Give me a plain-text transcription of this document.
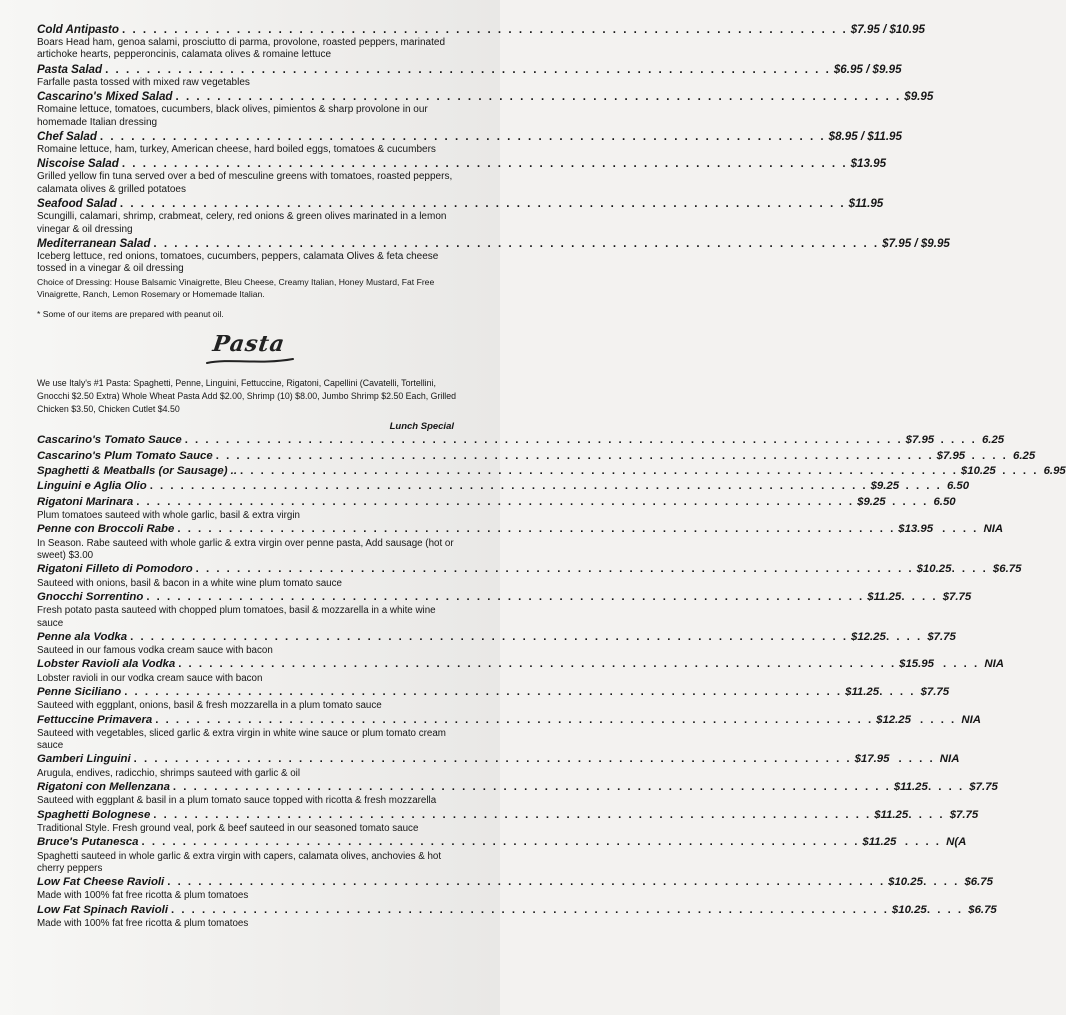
Cold Antipasto . . . . . . . . . . . . . . . . . . . . . . . . . . . . . . . . . . . . . . . . . . . . . . . . . . . . . . . . . . . . . . . . . . . . . . $7.95 / $10.95

Boars Head ham, genoa salami, prosciutto di parma, provolone, roasted peppers, marinated artichoke hearts, pepperoncinis, calamata olives & romaine lettuce

Pasta Salad . . . . . . . . . . . . . . . . . . . . . . . . . . . . . . . . . . . . . . . . . . . . . . . . . . . . . . . . . . . . . . . . . . . . . . $6.95 / $9.95

Farfalle pasta tossed with mixed raw vegetables

Cascarino's Mixed Salad . . . . . . . . . . . . . . . . . . . . . . . . . . . . . . . . . . . . . . . . . . . . . . . . . . . . . . . . . . . . . . . . . . . . . . $9.95

Romaine lettuce, tomatoes, cucumbers, black olives, pimientos & sharp provolone in our homemade Italian dressing

Chef Salad . . . . . . . . . . . . . . . . . . . . . . . . . . . . . . . . . . . . . . . . . . . . . . . . . . . . . . . . . . . . . . . . . . . . . . $8.95 / $11.95

Romaine lettuce, ham, turkey, American cheese, hard boiled eggs, tomatoes & cucumbers

Niscoise Salad . . . . . . . . . . . . . . . . . . . . . . . . . . . . . . . . . . . . . . . . . . . . . . . . . . . . . . . . . . . . . . . . . . . . . . $13.95

Grilled yellow fin tuna served over a bed of mesculine greens with tomatoes, roasted peppers, calamata olives & grilled potatoes

Seafood Salad . . . . . . . . . . . . . . . . . . . . . . . . . . . . . . . . . . . . . . . . . . . . . . . . . . . . . . . . . . . . . . . . . . . . . . $11.95

Scungilli, calamari, shrimp, crabmeat, celery, red onions & green olives marinated in a lemon vinegar & oil dressing

Mediterranean Salad . . . . . . . . . . . . . . . . . . . . . . . . . . . . . . . . . . . . . . . . . . . . . . . . . . . . . . . . . . . . . . . . . . . . . . $7.95 / $9.95

Iceberg lettuce, red onions, tomatoes, cucumbers, peppers, calamata Olives & feta cheese tossed in a vinegar & oil dressing

Choice of Dressing: House Balsamic Vinaigrette, Bleu Cheese, Creamy Italian, Honey Mustard, Fat Free Vinaigrette, Ranch, Lemon Rosemary or Homemade Italian.
* Some of our items are prepared with peanut oil.
Pasta
We use Italy's #1 Pasta: Spaghetti, Penne, Linguini, Fettuccine, Rigatoni, Capellini (Cavatelli, Tortellini, Gnocchi $2.50 Extra) Whole Wheat Pasta Add $2.00, Shrimp (10) $8.00, Jumbo Shrimp $2.50 Each, Grilled Chicken $3.50, Chicken Cutlet $4.50
Lunch Special
Cascarino's Tomato Sauce . . . . . . . . . . . . . . . . . . . . . . . . . . . . . . . . . . . . . . . . . . . . . . . . . . . . . . . . . . . . . . . . . . . . . . $7.95 . . . . 6.25
Cascarino's Plum Tomato Sauce . . . . . . . . . . . . . . . . . . . . . . . . . . . . . . . . . . . . . . . . . . . . . . . . . . . . . . . . . . . . . . . . . . . . . . $7.95 . . . . 6.25
Spaghetti & Meatballs (or Sausage) .. . . . . . . . . . . . . . . . . . . . . . . . . . . . . . . . . . . . . . . . . . . . . . . . . . . . . . . . . . . . . . . . . . . . . . . $10.25 . . . . 6.95
Linguini e Aglia Olio . . . . . . . . . . . . . . . . . . . . . . . . . . . . . . . . . . . . . . . . . . . . . . . . . . . . . . . . . . . . . . . . . . . . . . $9.25 . . . . 6.50
Rigatoni Marinara . . . . . . . . . . . . . . . . . . . . . . . . . . . . . . . . . . . . . . . . . . . . . . . . . . . . . . . . . . . . . . . . . . . . . . $9.25 . . . . 6.50

Plum tomatoes sauteed with whole garlic, basil & extra virgin

Penne con Broccoli Rabe . . . . . . . . . . . . . . . . . . . . . . . . . . . . . . . . . . . . . . . . . . . . . . . . . . . . . . . . . . . . . . . . . . . . . . $13.95 . . . . NIA

In Season. Rabe sauteed with whole garlic & extra virgin over penne pasta, Add sausage (hot or sweet) $3.00

Rigatoni Filleto di Pomodoro . . . . . . . . . . . . . . . . . . . . . . . . . . . . . . . . . . . . . . . . . . . . . . . . . . . . . . . . . . . . . . . . . . . . . . $10.25 . . . . $6.75

Sauteed with onions, basil & bacon in a white wine plum tomato sauce

Gnocchi Sorrentino . . . . . . . . . . . . . . . . . . . . . . . . . . . . . . . . . . . . . . . . . . . . . . . . . . . . . . . . . . . . . . . . . . . . . . $11.25 . . . . $7.75

Fresh potato pasta sauteed with chopped plum tomatoes, basil & mozzarella in a white wine sauce

Penne ala Vodka . . . . . . . . . . . . . . . . . . . . . . . . . . . . . . . . . . . . . . . . . . . . . . . . . . . . . . . . . . . . . . . . . . . . . . $12.25 . . . . $7.75

Sauteed in our famous vodka cream sauce with bacon

Lobster Ravioli ala Vodka . . . . . . . . . . . . . . . . . . . . . . . . . . . . . . . . . . . . . . . . . . . . . . . . . . . . . . . . . . . . . . . . . . . . . . $15.95 . . . . NIA

Lobster ravioli in our vodka cream sauce with bacon

Penne Siciliano . . . . . . . . . . . . . . . . . . . . . . . . . . . . . . . . . . . . . . . . . . . . . . . . . . . . . . . . . . . . . . . . . . . . . . $11.25 . . . . $7.75

Sauteed with eggplant, onions, basil & fresh mozzarella in a plum tomato sauce

Fettuccine Primavera . . . . . . . . . . . . . . . . . . . . . . . . . . . . . . . . . . . . . . . . . . . . . . . . . . . . . . . . . . . . . . . . . . . . . . $12.25 . . . . NIA

Sauteed with vegetables, sliced garlic & extra virgin in white wine sauce or plum tomato cream sauce

Gamberi Linguini . . . . . . . . . . . . . . . . . . . . . . . . . . . . . . . . . . . . . . . . . . . . . . . . . . . . . . . . . . . . . . . . . . . . . . $17.95 . . . . NIA

Arugula, endives, radicchio, shrimps sauteed with garlic & oil

Rigatoni con Mellenzana . . . . . . . . . . . . . . . . . . . . . . . . . . . . . . . . . . . . . . . . . . . . . . . . . . . . . . . . . . . . . . . . . . . . . . $11.25 . . . . $7.75

Sauteed with eggplant & basil in a plum tomato sauce topped with ricotta & fresh mozzarella

Spaghetti Bolognese . . . . . . . . . . . . . . . . . . . . . . . . . . . . . . . . . . . . . . . . . . . . . . . . . . . . . . . . . . . . . . . . . . . . . . $11.25 . . . . $7.75

Traditional Style. Fresh ground veal, pork & beef sauteed in our seasoned tomato sauce

Bruce's Putanesca . . . . . . . . . . . . . . . . . . . . . . . . . . . . . . . . . . . . . . . . . . . . . . . . . . . . . . . . . . . . . . . . . . . . . . $11.25 . . . . N(A

Spaghetti sauteed in whole garlic & extra virgin with capers, calamata olives, anchovies & hot cherry peppers

Low Fat Cheese Ravioli . . . . . . . . . . . . . . . . . . . . . . . . . . . . . . . . . . . . . . . . . . . . . . . . . . . . . . . . . . . . . . . . . . . . . . $10.25 . . . . $6.75

Made with 100% fat free ricotta & plum tomatoes

Low Fat Spinach Ravioli . . . . . . . . . . . . . . . . . . . . . . . . . . . . . . . . . . . . . . . . . . . . . . . . . . . . . . . . . . . . . . . . . . . . . . $10.25 . . . . $6.75

Made with 100% fat free ricotta & plum tomatoes
